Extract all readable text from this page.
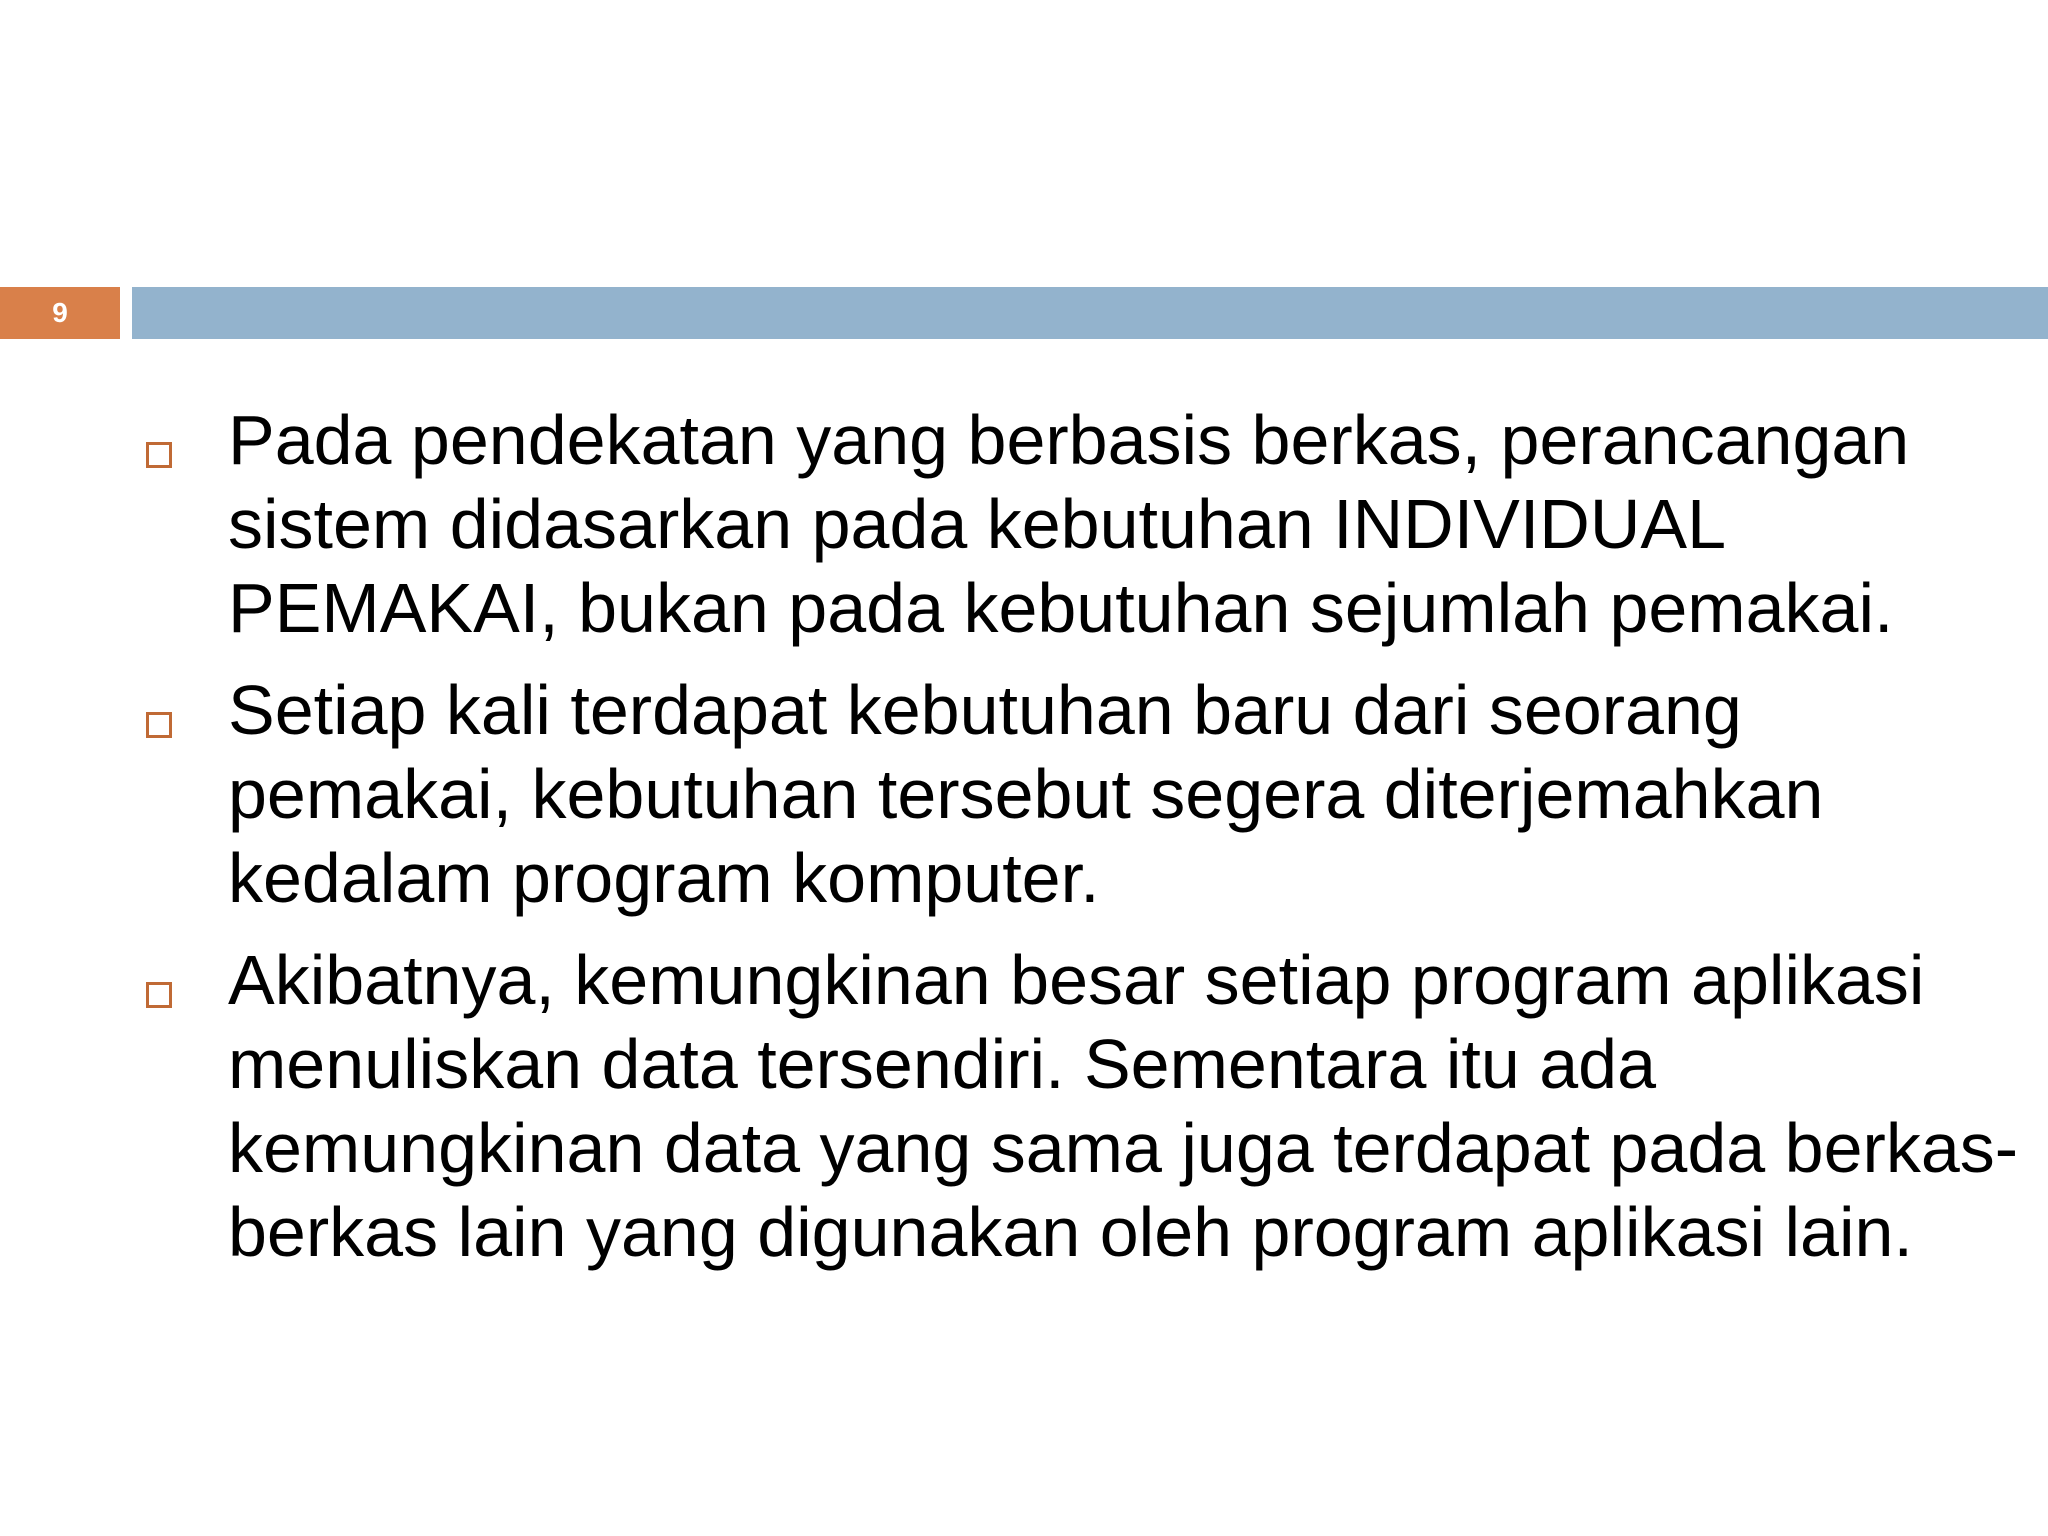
9
Pada pendekatan yang berbasis berkas, perancangan sistem didasarkan pada kebutuhan INDIVIDUAL PEMAKAI, bukan pada kebutuhan sejumlah pemakai.
Setiap kali terdapat kebutuhan baru dari seorang pemakai, kebutuhan tersebut segera diterjemahkan kedalam program komputer.
Akibatnya, kemungkinan besar setiap program aplikasi menuliskan data tersendiri. Sementara itu ada kemungkinan data yang sama juga terdapat pada berkas-berkas lain yang digunakan oleh program aplikasi lain.
